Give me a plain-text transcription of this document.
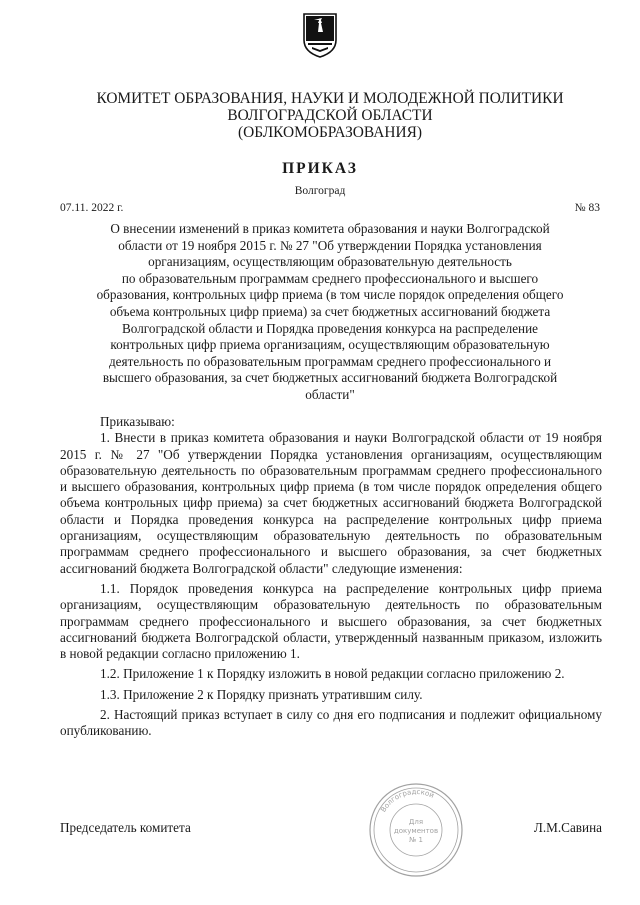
КОМИТЕТ ОБРАЗОВАНИЯ, НАУКИ И МОЛОДЕЖНОЙ ПОЛИТИКИ
ВОЛГОГРАДСКОЙ ОБЛАСТИ
(ОБЛКОМОБРАЗОВАНИЯ)
ПРИКАЗ
Волгоград
07.11. 2022 г.	№ 83
О внесении изменений в приказ комитета образования и науки Волгоградской
области от 19 ноября 2015 г. № 27 "Об утверждении Порядка установления
организациям, осуществляющим образовательную деятельность
по образовательным программам среднего профессионального и высшего
образования, контрольных цифр приема (в том числе порядок определения общего
объема контрольных цифр приема) за счет бюджетных ассигнований бюджета
Волгоградской области и Порядка проведения конкурса на распределение
контрольных цифр приема организациям, осуществляющим образовательную
деятельность по образовательным программам среднего профессионального и
высшего образования, за счет бюджетных ассигнований бюджета Волгоградской
области"

Приказываю:

1. Внести в приказ комитета образования и науки Волгоградской области от 19 ноября 2015 г. № 27 "Об утверждении Порядка установления организациям, осуществляющим образовательную деятельность по образовательным программам среднего профессионального и высшего образования, контрольных цифр приема (в том числе порядок определения общего объема контрольных цифр приема) за счет бюджетных ассигнований бюджета Волгоградской области и Порядка проведения конкурса на распределение контрольных цифр приема организациям, осуществляющим образовательную деятельность по образовательным программам среднего профессионального и высшего образования, за счет бюджетных ассигнований бюджета Волгоградской области" следующие изменения:

1.1. Порядок проведения конкурса на распределение контрольных цифр приема организациям, осуществляющим образовательную деятельность по образовательным программам среднего профессионального и высшего образования, за счет бюджетных ассигнований бюджета Волгоградской области, утвержденный названным приказом, изложить в новой редакции согласно приложению 1.

1.2. Приложение 1 к Порядку изложить в новой редакции согласно приложению 2.

1.3. Приложение 2 к Порядку признать утратившим силу.

2. Настоящий приказ вступает в силу со дня его подписания и подлежит официальному опубликованию.

Председатель комитета	Л.М.Савина
Волгоградской
Для
документов
№ 1
